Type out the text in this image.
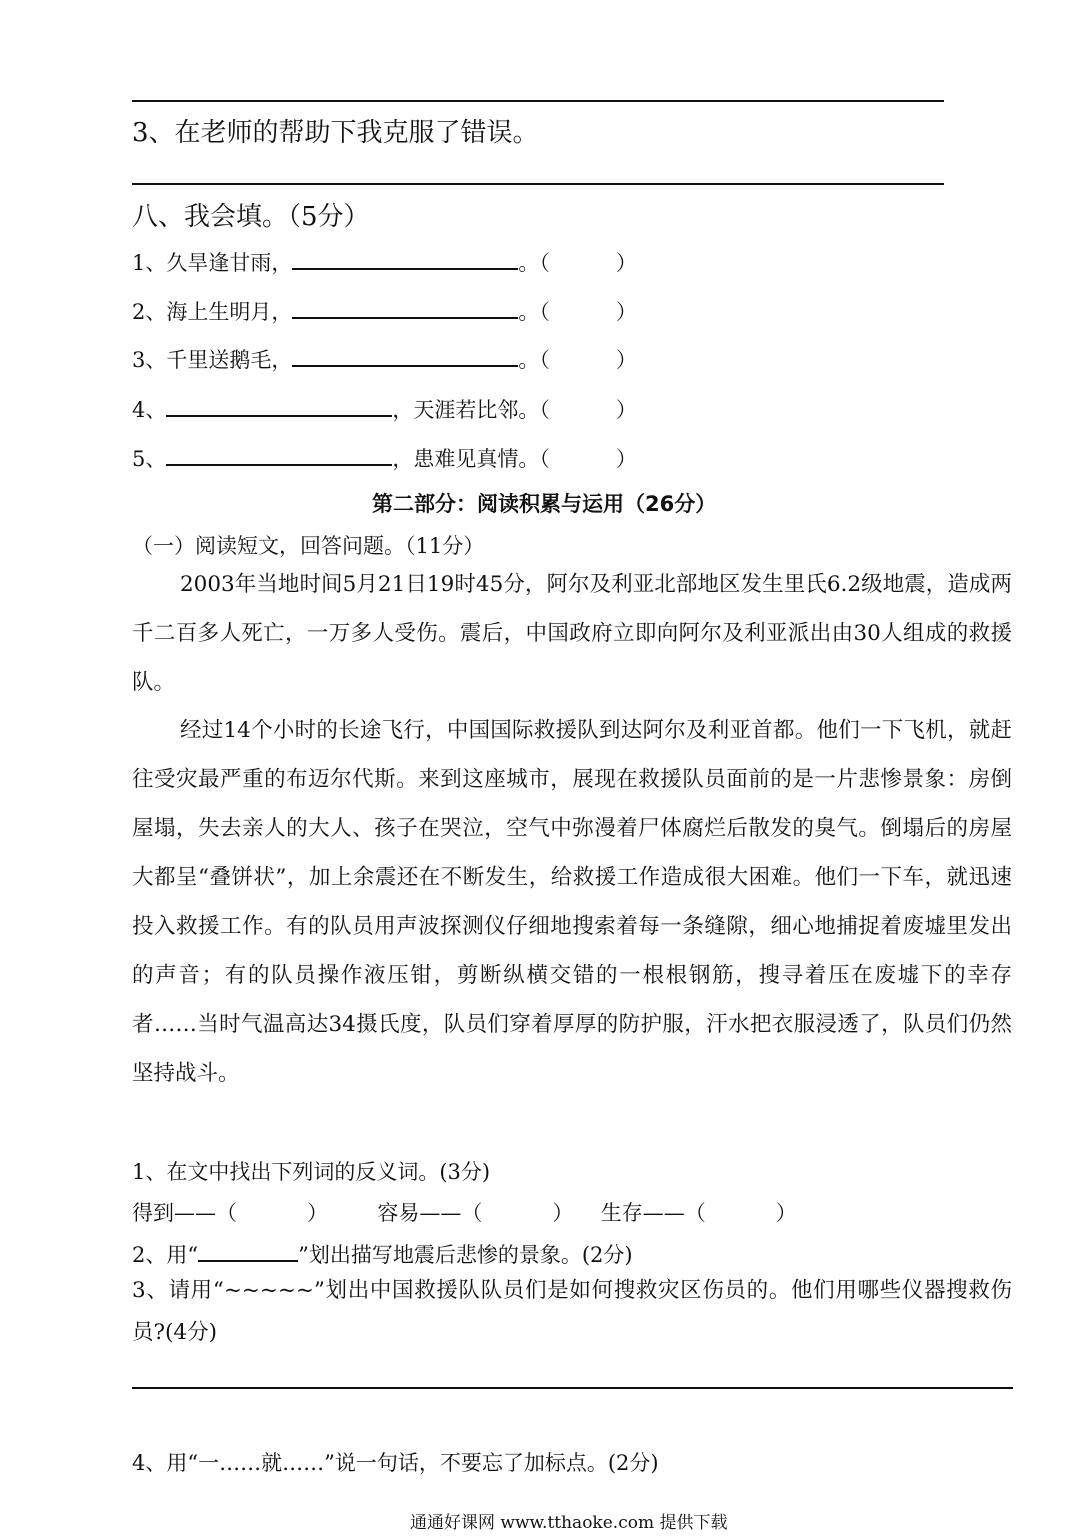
3、在老师的帮助下我克服了错误。
八、我会填。（5分）
1、久旱逢甘雨，	。（	）
2、海上生明月，	。（	）
3、千里送鹅毛，	。（	）
4、	，天涯若比邻。（	）
5、	，患难见真情。（	）
第二部分：阅读积累与运用（26分）
（一）阅读短文，回答问题。（11分）
2003年当地时间5月21日19时45分，阿尔及利亚北部地区发生里氏6.2级地震，造成两千二百多人死亡，一万多人受伤。震后，中国政府立即向阿尔及利亚派出由30人组成的救援队。
经过14个小时的长途飞行，中国国际救援队到达阿尔及利亚首都。他们一下飞机，就赶往受灾最严重的布迈尔代斯。来到这座城市，展现在救援队员面前的是一片悲惨景象：房倒屋塌，失去亲人的大人、孩子在哭泣，空气中弥漫着尸体腐烂后散发的臭气。倒塌后的房屋大都呈“叠饼状”，加上余震还在不断发生，给救援工作造成很大困难。他们一下车，就迅速投入救援工作。有的队员用声波探测仪仔细地搜索着每一条缝隙，细心地捕捉着废墟里发出的声音；有的队员操作液压钳，剪断纵横交错的一根根钢筋，搜寻着压在废墟下的幸存者……当时气温高达34摄氏度，队员们穿着厚厚的防护服，汗水把衣服浸透了，队员们仍然坚持战斗。
1、在文中找出下列词的反义词。(3分)
得到——（	） 容易——（	） 生存——（	）
2、用“	”划出描写地震后悲惨的景象。(2分)
3、请用“~~~~~”划出中国救援队队员们是如何搜救灾区伤员的。他们用哪些仪器搜救伤员?(4分)
4、用“一……就……”说一句话，不要忘了加标点。(2分)
通通好课网 www.tthaoke.com 提供下载
